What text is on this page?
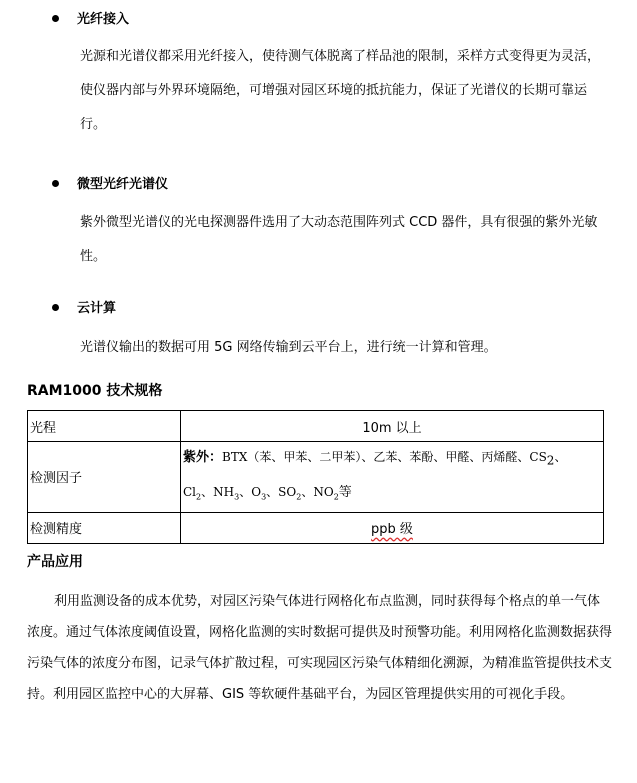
光纤接入
光源和光谱仪都采用光纤接入，使待测气体脱离了样品池的限制，采样方式变得更为灵活，使仪器内部与外界环境隔绝，可增强对园区环境的抵抗能力，保证了光谱仪的长期可靠运行。
微型光纤光谱仪
紫外微型光谱仪的光电探测器件选用了大动态范围阵列式 CCD 器件，具有很强的紫外光敏性。
云计算
光谱仪输出的数据可用 5G 网络传输到云平台上，进行统一计算和管理。
RAM1000 技术规格
光程	10m 以上
检测因子	紫外：BTX（苯、甲苯、二甲苯）、乙苯、苯酚、甲醛、丙烯醛、$CS_2$、
$Cl_2$、$NH_3$、$O_3$、$SO_2$、$NO_2$等
检测精度	ppb 级
产品应用
利用监测设备的成本优势，对园区污染气体进行网格化布点监测，同时获得每个格点的单一气体浓度。通过气体浓度阈值设置，网格化监测的实时数据可提供及时预警功能。利用网格化监测数据获得污染气体的浓度分布图，记录气体扩散过程，可实现园区污染气体精细化溯源，为精准监管提供技术支持。利用园区监控中心的大屏幕、GIS 等软硬件基础平台，为园区管理提供实用的可视化手段。
